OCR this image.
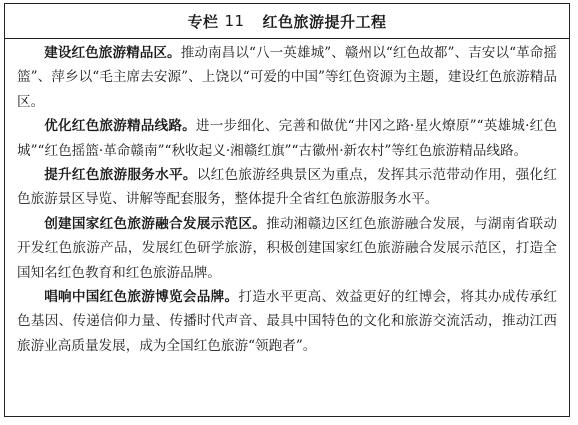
专栏 11 红色旅游提升工程

建设红色旅游精品区。推动南昌以“八一英雄城”、赣州以“红色故都”、吉安以“革命摇篮”、萍乡以“毛主席去安源”、上饶以“可爱的中国”等红色资源为主题，建设红色旅游精品区。

优化红色旅游精品线路。进一步细化、完善和做优“井冈之路·星火燎原”“英雄城·红色城”“红色摇篮·革命赣南”“秋收起义·湘赣红旗”“古徽州·新农村”等红色旅游精品线路。

提升红色旅游服务水平。以红色旅游经典景区为重点，发挥其示范带动作用，强化红色旅游景区导览、讲解等配套服务，整体提升全省红色旅游服务水平。

创建国家红色旅游融合发展示范区。推动湘赣边区红色旅游融合发展，与湖南省联动开发红色旅游产品，发展红色研学旅游，积极创建国家红色旅游融合发展示范区，打造全国知名红色教育和红色旅游品牌。

唱响中国红色旅游博览会品牌。打造水平更高、效益更好的红博会，将其办成传承红色基因、传递信仰力量、传播时代声音、最具中国特色的文化和旅游交流活动，推动江西旅游业高质量发展，成为全国红色旅游“领跑者”。
